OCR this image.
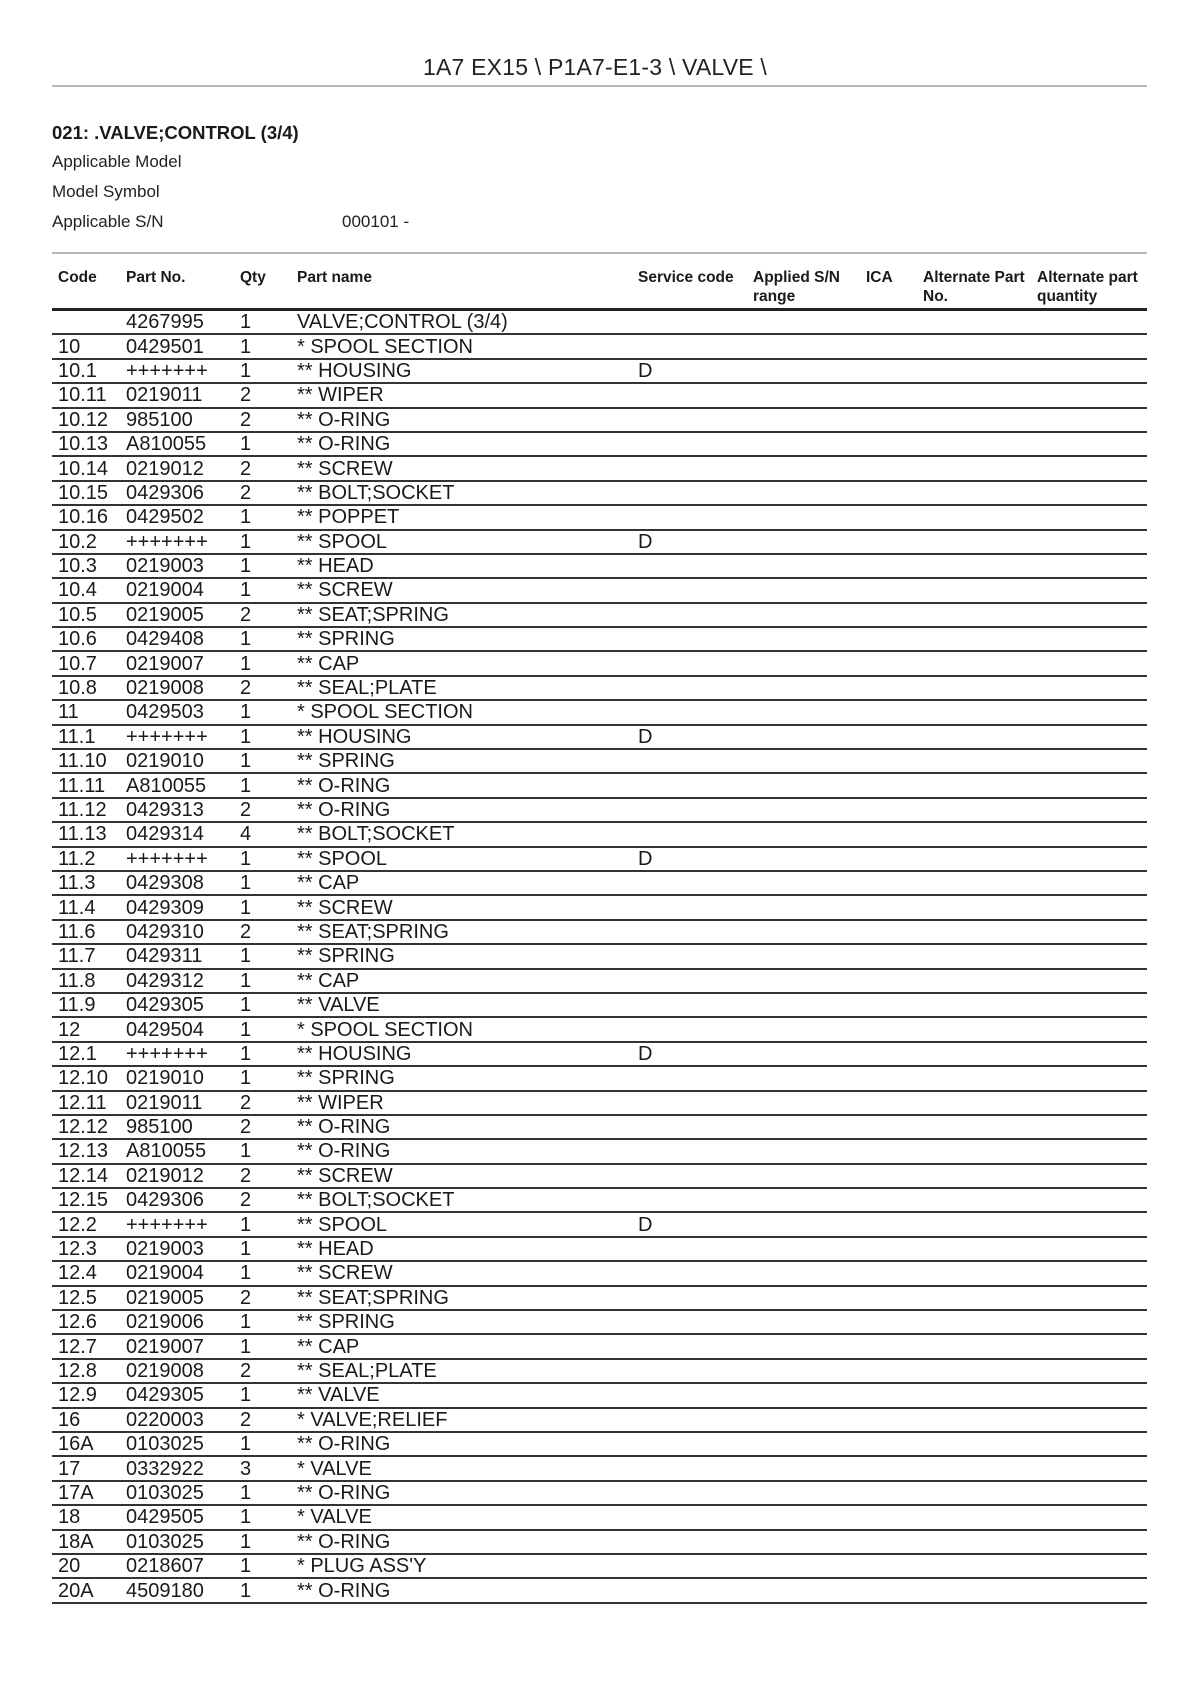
1A7 EX15 \ P1A7-E1-3 \ VALVE \
021: .VALVE;CONTROL (3/4)
Applicable Model
Model Symbol
Applicable S/N	000101 -
Code	Part No.	Qty	Part name	Service code	Applied S/N range	ICA	Alternate Part No.	Alternate part quantity
	4267995	1	VALVE;CONTROL (3/4)					
10	0429501	1	* SPOOL SECTION					
10.1	+++++++	1	** HOUSING	D				
10.11	0219011	2	** WIPER					
10.12	985100	2	** O-RING					
10.13	A810055	1	** O-RING					
10.14	0219012	2	** SCREW					
10.15	0429306	2	** BOLT;SOCKET					
10.16	0429502	1	** POPPET					
10.2	+++++++	1	** SPOOL	D				
10.3	0219003	1	** HEAD					
10.4	0219004	1	** SCREW					
10.5	0219005	2	** SEAT;SPRING					
10.6	0429408	1	** SPRING					
10.7	0219007	1	** CAP					
10.8	0219008	2	** SEAL;PLATE					
11	0429503	1	* SPOOL SECTION					
11.1	+++++++	1	** HOUSING	D				
11.10	0219010	1	** SPRING					
11.11	A810055	1	** O-RING					
11.12	0429313	2	** O-RING					
11.13	0429314	4	** BOLT;SOCKET					
11.2	+++++++	1	** SPOOL	D				
11.3	0429308	1	** CAP					
11.4	0429309	1	** SCREW					
11.6	0429310	2	** SEAT;SPRING					
11.7	0429311	1	** SPRING					
11.8	0429312	1	** CAP					
11.9	0429305	1	** VALVE					
12	0429504	1	* SPOOL SECTION					
12.1	+++++++	1	** HOUSING	D				
12.10	0219010	1	** SPRING					
12.11	0219011	2	** WIPER					
12.12	985100	2	** O-RING					
12.13	A810055	1	** O-RING					
12.14	0219012	2	** SCREW					
12.15	0429306	2	** BOLT;SOCKET					
12.2	+++++++	1	** SPOOL	D				
12.3	0219003	1	** HEAD					
12.4	0219004	1	** SCREW					
12.5	0219005	2	** SEAT;SPRING					
12.6	0219006	1	** SPRING					
12.7	0219007	1	** CAP					
12.8	0219008	2	** SEAL;PLATE					
12.9	0429305	1	** VALVE					
16	0220003	2	* VALVE;RELIEF					
16A	0103025	1	** O-RING					
17	0332922	3	* VALVE					
17A	0103025	1	** O-RING					
18	0429505	1	* VALVE					
18A	0103025	1	** O-RING					
20	0218607	1	* PLUG ASS'Y					
20A	4509180	1	** O-RING					
